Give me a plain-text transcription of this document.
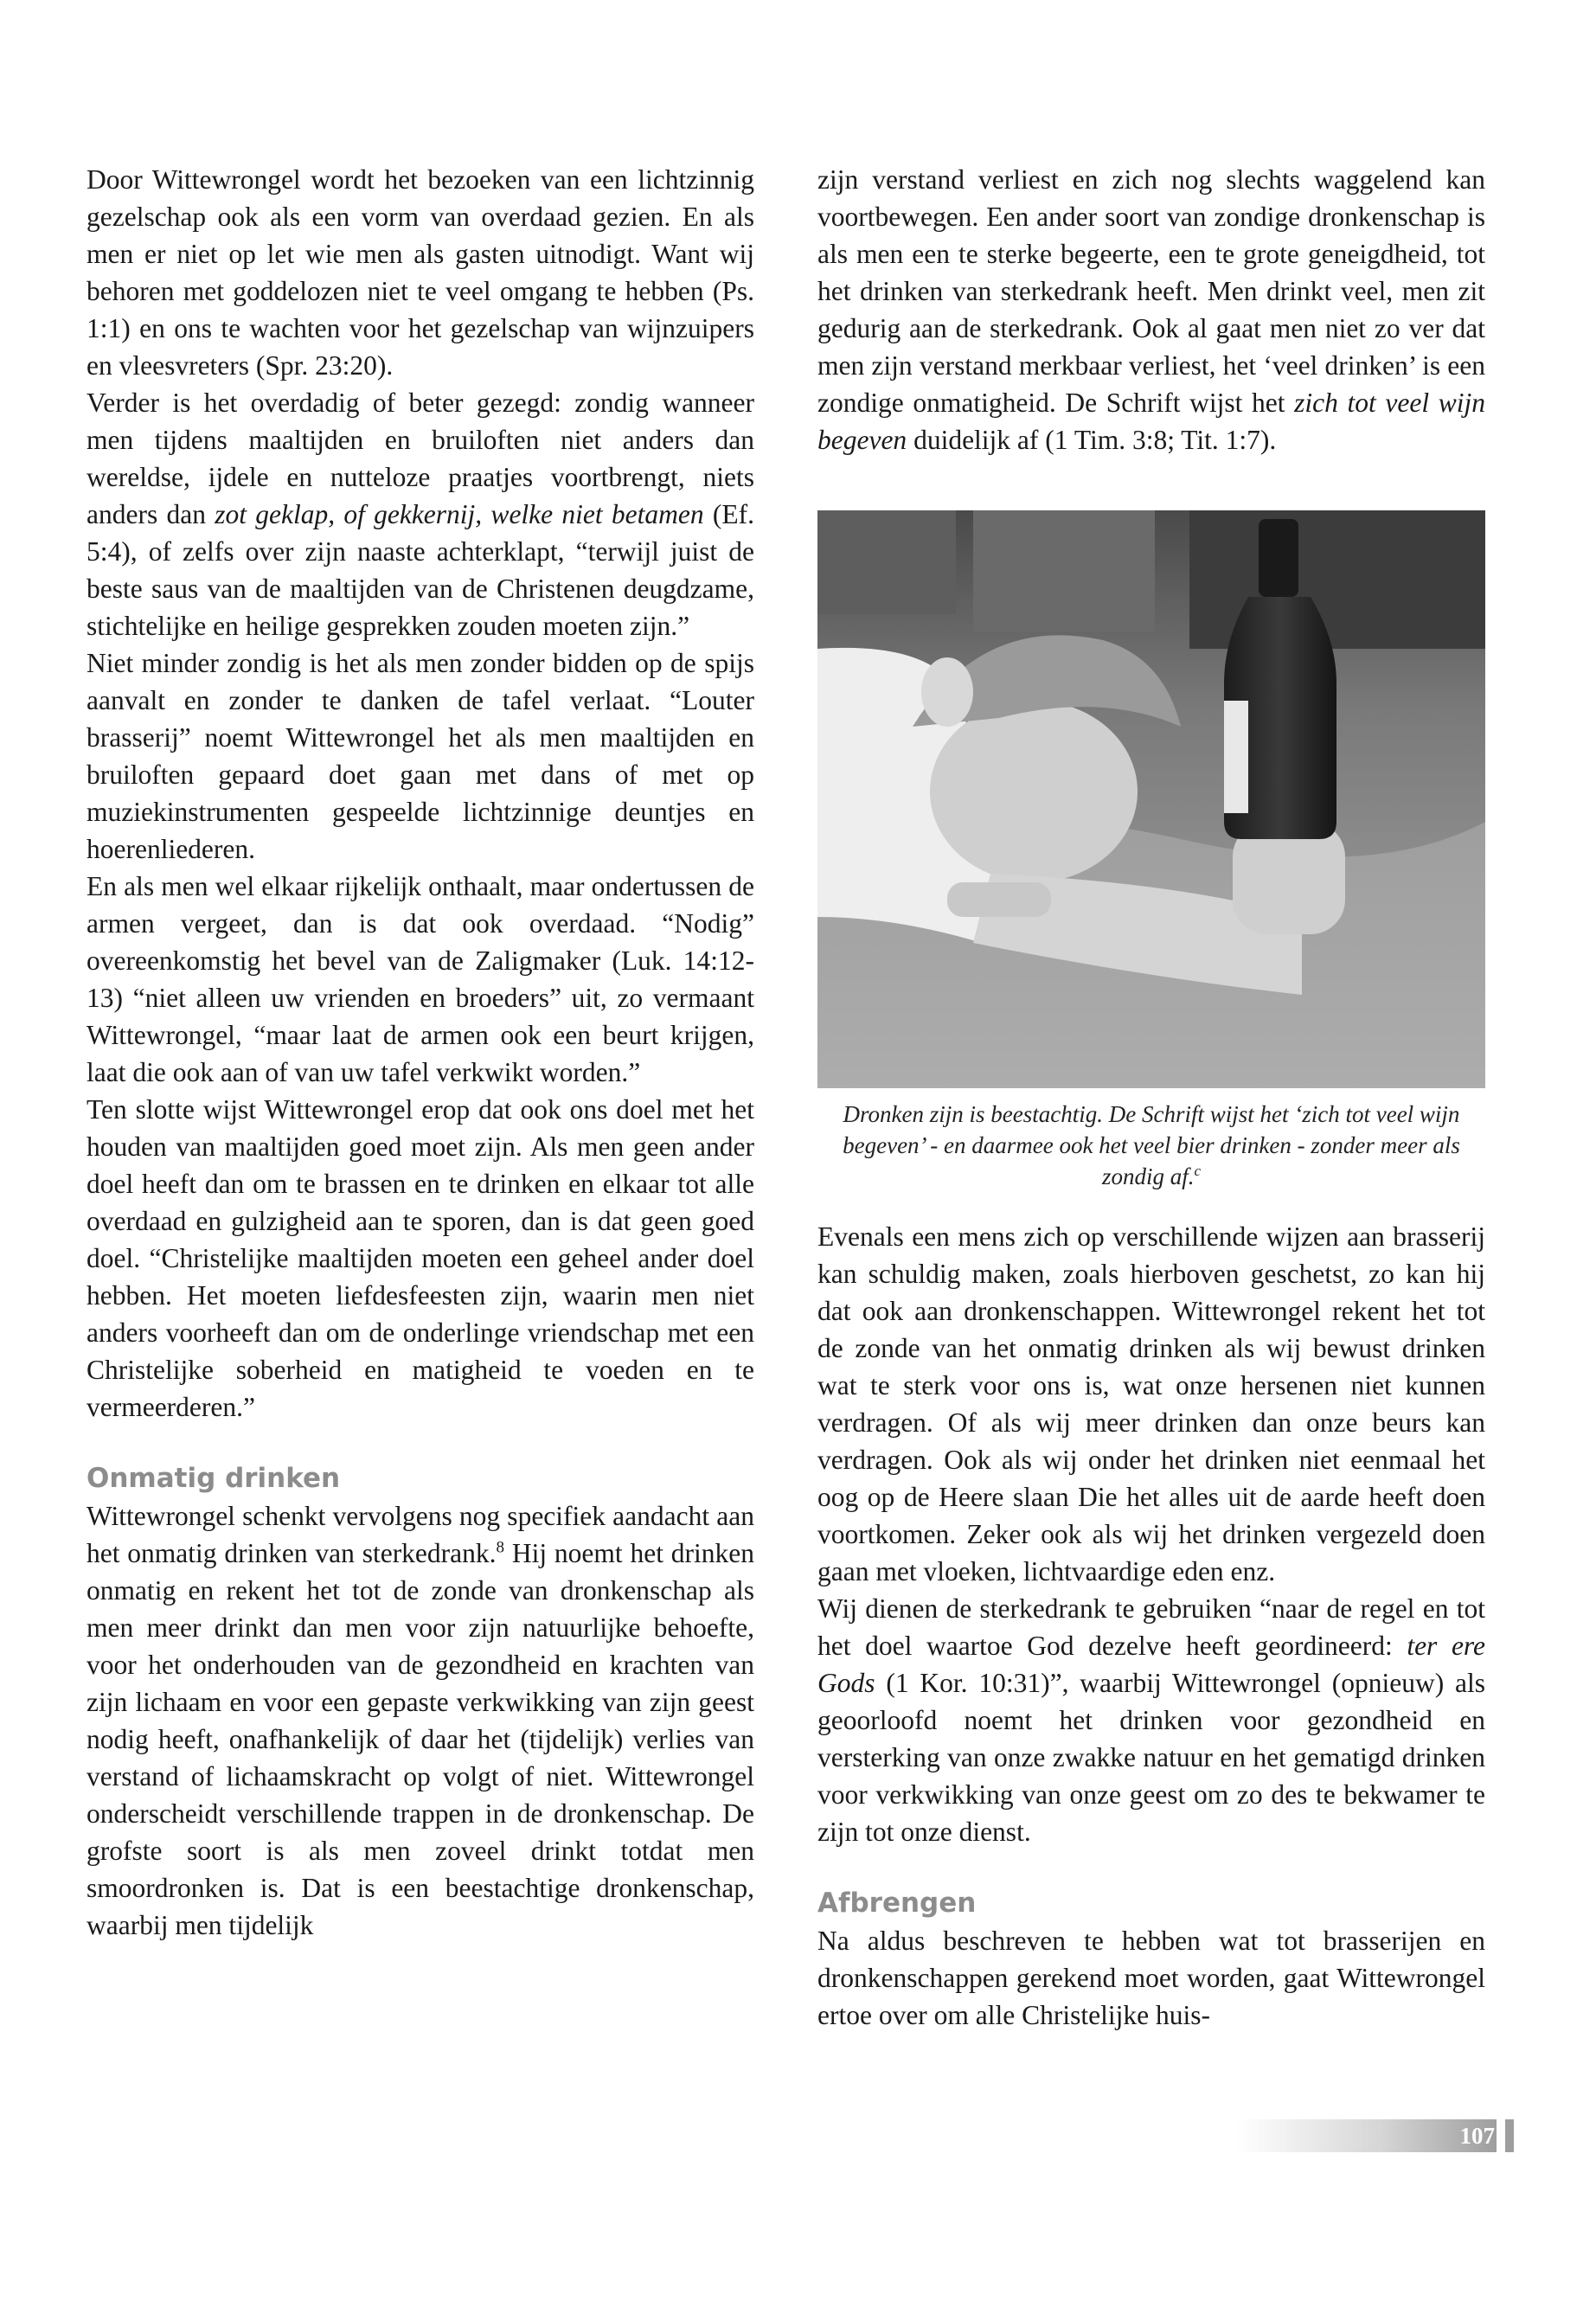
Door Wittewrongel wordt het bezoeken van een lichtzinnig gezelschap ook als een vorm van overdaad gezien. En als men er niet op let wie men als gasten uitnodigt. Want wij behoren met goddelozen niet te veel omgang te hebben (Ps. 1:1) en ons te wachten voor het gezelschap van wijnzuipers en vleesvreters (Spr. 23:20).

Verder is het overdadig of beter gezegd: zondig wanneer men tijdens maaltijden en bruiloften niet anders dan wereldse, ijdele en nutteloze praatjes voortbrengt, niets anders dan zot geklap, of gekkernij, welke niet betamen (Ef. 5:4), of zelfs over zijn naaste achterklapt, “terwijl juist de beste saus van de maaltijden van de Christenen deugdzame, stichtelijke en heilige gesprekken zouden moeten zijn.”

Niet minder zondig is het als men zonder bidden op de spijs aanvalt en zonder te danken de tafel verlaat. “Louter brasserij” noemt Wittewrongel het als men maaltijden en bruiloften gepaard doet gaan met dans of met op muziekinstrumenten gespeelde lichtzinnige deuntjes en hoerenliederen.

En als men wel elkaar rijkelijk onthaalt, maar ondertussen de armen vergeet, dan is dat ook overdaad. “Nodig” overeenkomstig het bevel van de Zaligmaker (Luk. 14:12-13) “niet alleen uw vrienden en broeders” uit, zo vermaant Wittewrongel, “maar laat de armen ook een beurt krijgen, laat die ook aan of van uw tafel verkwikt worden.”

Ten slotte wijst Wittewrongel erop dat ook ons doel met het houden van maaltijden goed moet zijn. Als men geen ander doel heeft dan om te brassen en te drinken en elkaar tot alle overdaad en gulzigheid aan te sporen, dan is dat geen goed doel. “Christelijke maaltijden moeten een geheel ander doel hebben. Het moeten liefdesfeesten zijn, waarin men niet anders voorheeft dan om de onderlinge vriendschap met een Christelijke soberheid en matigheid te voeden en te vermeerderen.”

Onmatig drinken

Wittewrongel schenkt vervolgens nog specifiek aandacht aan het onmatig drinken van sterkedrank.$^8$ Hij noemt het drinken onmatig en rekent het tot de zonde van dronkenschap als men meer drinkt dan men voor zijn natuurlijke behoefte, voor het onderhouden van de gezondheid en krachten van zijn lichaam en voor een gepaste verkwikking van zijn geest nodig heeft, onafhankelijk of daar het (tijdelijk) verlies van verstand of lichaamskracht op volgt of niet. Wittewrongel onderscheidt verschillende trappen in de dronkenschap. De grofste soort is als men zoveel drinkt totdat men smoordronken is. Dat is een beestachtige dronkenschap, waarbij men tijdelijk

zijn verstand verliest en zich nog slechts waggelend kan voortbewegen. Een ander soort van zondige dronkenschap is als men een te sterke begeerte, een te grote geneigdheid, tot het drinken van sterkedrank heeft. Men drinkt veel, men zit gedurig aan de sterkedrank. Ook al gaat men niet zo ver dat men zijn verstand merkbaar verliest, het ‘veel drinken’ is een zondige onmatigheid. De Schrift wijst het zich tot veel wijn begeven duidelijk af (1 Tim. 3:8; Tit. 1:7).

Dronken zijn is beestachtig. De Schrift wijst het ‘zich tot veel wijn begeven’ - en daarmee ook het veel bier drinken - zonder meer als zondig af.$^c$

Evenals een mens zich op verschillende wijzen aan brasserij kan schuldig maken, zoals hierboven geschetst, zo kan hij dat ook aan dronkenschappen. Wittewrongel rekent het tot de zonde van het onmatig drinken als wij bewust drinken wat te sterk voor ons is, wat onze hersenen niet kunnen verdragen. Of als wij meer drinken dan onze beurs kan verdragen. Ook als wij onder het drinken niet eenmaal het oog op de Heere slaan Die het alles uit de aarde heeft doen voortkomen. Zeker ook als wij het drinken vergezeld doen gaan met vloeken, lichtvaardige eden enz.

Wij dienen de sterkedrank te gebruiken “naar de regel en tot het doel waartoe God dezelve heeft geordineerd: ter ere Gods (1 Kor. 10:31)”, waarbij Wittewrongel (opnieuw) als geoorloofd noemt het drinken voor gezondheid en versterking van onze zwakke natuur en het gematigd drinken voor verkwikking van onze geest om zo des te bekwamer te zijn tot onze dienst.

Afbrengen

Na aldus beschreven te hebben wat tot brasserijen en dronkenschappen gerekend moet worden, gaat Wittewrongel ertoe over om alle Christelijke huis-

107
